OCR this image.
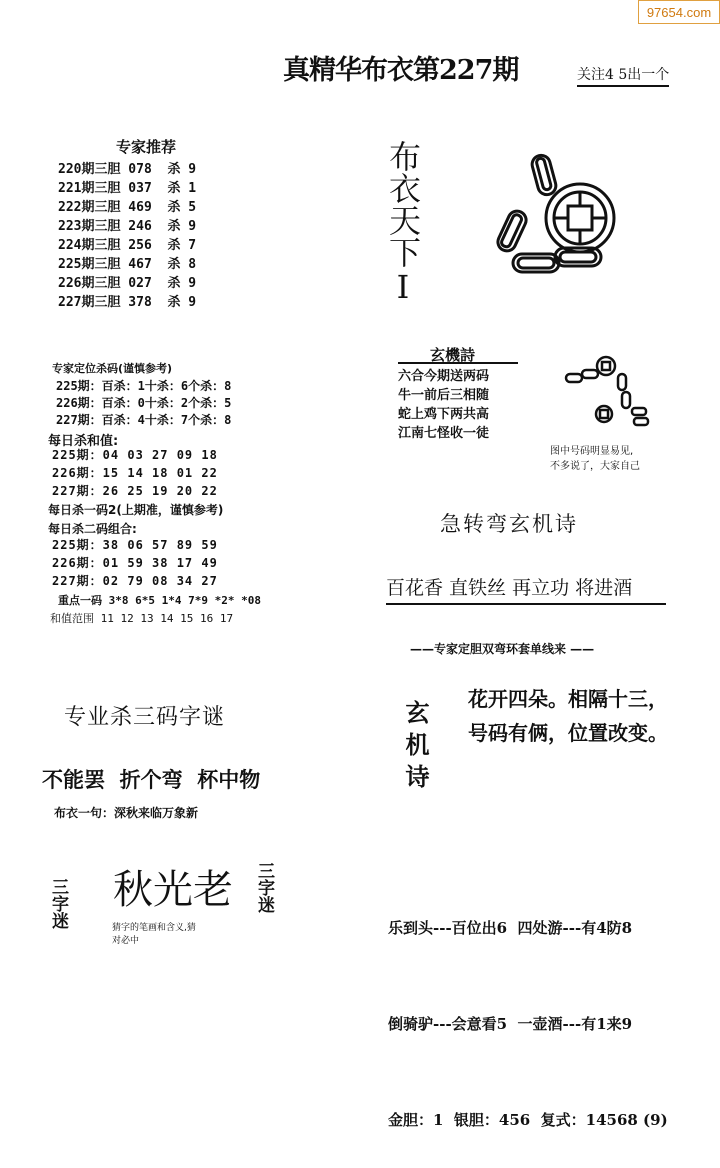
97654.com
真精华布衣第227期	关注4 5出一个
专家推荐
220期三胆 078  杀 9
221期三胆 037  杀 1
222期三胆 469  杀 5
223期三胆 246  杀 9
224期三胆 256  杀 7
225期三胆 467  杀 8
226期三胆 027  杀 9
227期三胆 378  杀 9
专家定位杀码(谨慎参考)
225期：百杀：1十杀：6个杀：8
226期：百杀：0十杀：2个杀：5
227期：百杀：4十杀：7个杀：8
每日杀和值:
225期：04 03 27 09 18
226期：15 14 18 01 22
227期：26 25 19 20 22
每日杀一码2(上期准，谨慎参考)
每日杀二码组合:
225期：38 06 57 89 59
226期：01 59 38 17 49
227期：02 79 08 34 27
重点一码 3*8 6*5 1*4 7*9 *2* *08
和值范围 11 12 13 14 15 16 17
布衣天下I
玄機詩
六合今期送两码
牛一前后三相随
蛇上鸡下两共高
江南七怪收一徒
图中号码明显易见,
不多说了，大家自己
急转弯玄机诗
百花香 直铁丝 再立功 将进酒
——专家定胆双弯环套单线来 ——
专业杀三码字谜
不能罢  折个弯  杯中物
布衣一句：深秋来临万象新
玄机诗
花开四朵。相隔十三，
号码有俩，位置改变。
三字迷 秋光老 三字迷
猜字的笔画和含义,猜
对必中

乐到头---百位出6  四处游---有4防8

倒骑驴---会意看5  一壶酒---有1来9

金胆：1  银胆：456  复式：14568 (9)
